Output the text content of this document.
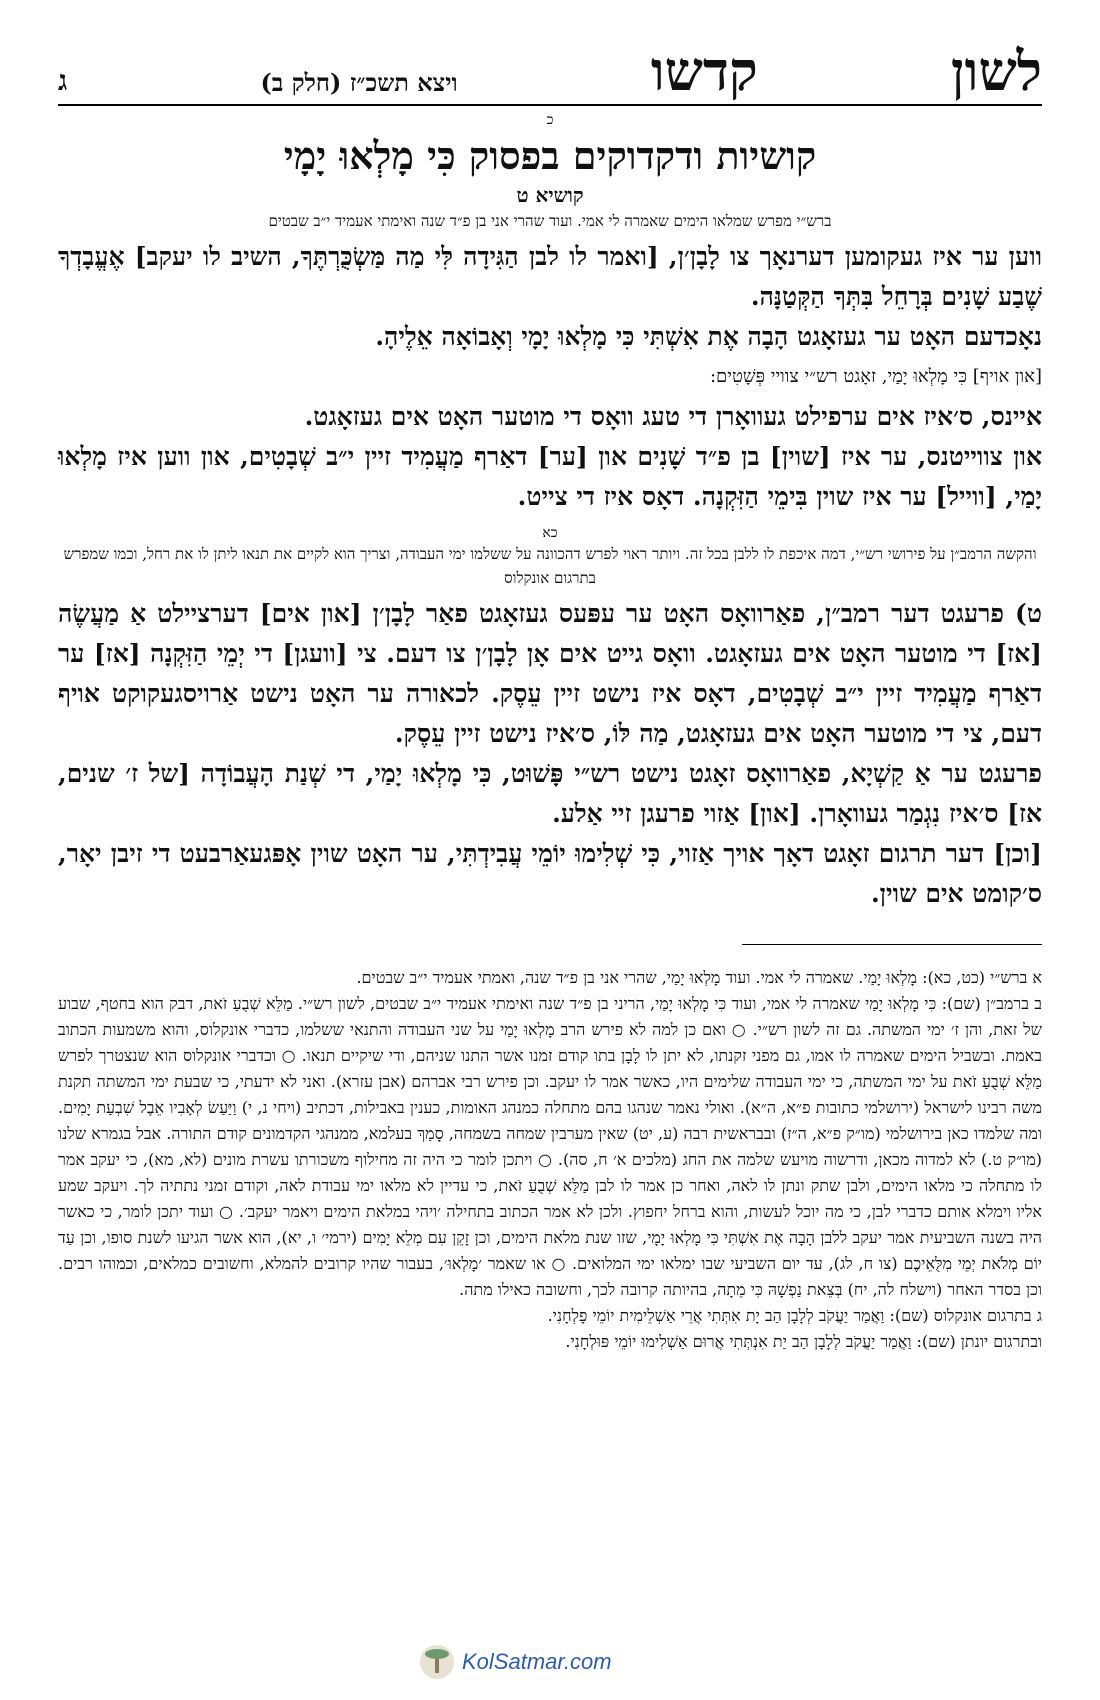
לשון
קדשו
ויצא תשכ״ז (חלק ב)
ג
כ
קושיות ודקדוקים בפסוק כִּי מָלְאוּ יָמָי
קושיא ט
ברש״י מפרש שמלאו הימים שאמרה לי אמי. ועוד שהרי אני בן פ״ד שנה ואימתי אעמיד י״ב שבטים

ווען ער איז געקומען דערנאָך צו לָבָן׳ן, [ואמר לו לבן הַגִּידָה לִּי מַה מַּשְׂכֻּרְתֶּךָ, השיב לו יעקב] אֶעֱבָדְךָ שֶׁבַע שָׁנִים בְּרָחֵל בִּתְּךָ הַקְּטַנָּה.

נאָכדעם האָט ער געזאָגט הָבָה אֶת אִשְׁתִּי כִּי מָלְאוּ יָמָי וְאָבוֹאָה אֵלֶיהָ.

[און אויף] כִּי מָלְאוּ יָמַי, זאָגט רש״י צוויי פְּשָׁטִים:

איינס, ס׳איז אים ערפילט געוואָרן די טעג וואָס די מוטער האָט אים געזאָגט.

און צווייטנס, ער איז [שוין] בן פ״ד שָׁנִים און [ער] דאַרף מַעֲמִיד זיין י״ב שְׁבָטִים, און ווען איז מָלְאוּ יָמַי, [ווייל] ער איז שוין בִּימֵי הַזִּקְנָה. דאָס איז די צייט.

כא
והקשה הרמב״ן על פירושי רש״י, דמה איכפת לו ללבן בכל זה. ויותר ראוי לפרש דהכוונה על ששלמו ימי העבודה, וצריך הוא לקיים את תנאו ליתן לו את רחל, וכמו שמפרש בתרגום אונקלוס

ט) פרעגט דער רמב״ן, פאַרוואָס האָט ער עפּעס געזאָגט פאַר לָבָן׳ן [און אים] דערציילט אַ מַעֲשֶׂה [אז] די מוטער האָט אים געזאָגט. וואָס גייט אים אָן לָבָן׳ן צו דעם. צי [וועגן] די יְמֵי הַזִּקְנָה [אז] ער דאַרף מַעֲמִיד זיין י״ב שְׁבָטִים, דאָס איז נישט זיין עֵסֶק. לכאורה ער האָט נישט אַרויסגעקוקט אויף דעם, צי די מוטער האָט אים געזאָגט, מַה לּוֹ, ס׳איז נישט זיין עֵסֶק.

פרעגט ער אַ קַשְׁיָא, פאַרוואָס זאָגט נישט רש״י פָּשׁוּט, כִּי מָלְאוּ יָמַי, די שְׁנַת הָעֲבוֹדָה [של ז׳ שנים, אז] ס׳איז נִגְמַר געוואָרן. [און] אַזוי פרעגן זיי אַלע.

[וכן] דער תרגום זאָגט דאָך אויך אַזוי, כִּי שְׁלִימוּ יוֹמֵי עֲבִידְתִּי, ער האָט שוין אָפּגעאַרבעט די זיבן יאָר, ס׳קומט אים שוין.

א ברש״י (כט, כא): מָלְאוּ יָמַי. שאמרה לי אמי. ועוד מָלְאוּ יָמַי, שהרי אני בן פ״ד שנה, ואמתי אעמיד י״ב שבטים.

ב ברמב״ן (שם): כִּי מָלְאוּ יָמַי שאמרה לי אמי, ועוד כִּי מָלְאוּ יָמַי, הריני בן פ״ד שנה ואימתי אעמיד י״ב שבטים, לשון רש״י. מַלֵּא שְׁבֻעַ זֹאת, דבק הוא בחטף, שבוע של זאת, והן ז׳ ימי המשתה. גם זה לשון רש״י. ○ ואם כן למה לא פירש הרב מָלְאוּ יָמַי על שני העבודה והתנאי ששלמו, כדברי אונקלוס, והוא משמעות הכתוב באמת. ובשביל הימים שאמרה לו אמו, גם מפני זקנתו, לא יתן לו לָבָן בתו קודם זמנו אשר התנו שניהם, ודי שיקיים תנאו. ○ וכדברי אונקלוס הוא שנצטרך לפרש מַלֵּא שְׁבֻעַ זֹאת על ימי המשתה, כי ימי העבודה שלימים היו, כאשר אמר לו יעקב. וכן פירש רבי אברהם (אבן עזרא). ואני לא ידעתי, כי שבעת ימי המשתה תקנת משה רבינו לישראל (ירושלמי כתובות פ״א, ה״א). ואולי נאמר שנהגו בהם מתחלה כמנהג האומות, כענין באבילות, דכתיב (ויחי נ, י) וַיַּעַשׂ לְאָבִיו אֵבֶל שִׁבְעַת יָמִים. ומה שלמדו כאן בירושלמי (מו״ק פ״א, ה״ז) ובבראשית רבה (ע, יט) שאין מערבין שמחה בשמחה, סָמַךְ בעלמא, ממנהגי הקדמונים קודם התורה. אבל בגמרא שלנו (מו״ק ט.) לא למדוה מכאן, ודרשוה מויעש שלמה את החג (מלכים א׳ ח, סה). ○ ויתכן לומר כי היה זה מחילוף משכורתו עשרת מונים (לא, מא), כי יעקב אמר לו מתחלה כי מלאו הימים, ולבן שתק ונתן לו לאה, ואחר כן אמר לו לבן מַלֵּא שְׁבֻעַ זֹאת, כי עדיין לא מלאו ימי עבודת לאה, וקודם זמני נתתיה לך. ויעקב שמע אליו וימלא אותם כדברי לבן, כי מה יוכל לעשות, והוא ברחל יחפוץ. ולכן לא אמר הכתוב בתחילה ׳ויהי במלאת הימים ויאמר יעקב׳. ○ ועוד יתכן לומר, כי כאשר היה בשנה השביעית אמר יעקב ללבן הָבָה אֶת אִשְׁתִּי כִּי מָלְאוּ יָמָי, שזו שנת מלאת הימים, וכן זָקֵן עִם מְלֵא יָמִים (ירמי׳ ו, יא), הוא אשר הגיעו לשנת סופו, וכן עַד יוֹם מְלֹאת יְמֵי מִלֻּאֵיכֶם (צו ח, לג), עד יום השביעי שבו ימלאו ימי המלואים. ○ או שאמר ׳מָלְאוּ׳, בעבור שהיו קרובים להמלא, וחשובים כמלאים, וכמוהו רבים. וכן בסדר האחר (וישלח לה, יח) בְּצֵאת נַפְשָׁהּ כִּי מֵתָה, בהיותה קרובה לכך, וחשובה כאילו מתה.

ג בתרגום אונקלוס (שם): וַאֲמַר יַעֲקֹב לְלָבָן הַב יָת אִתְּתִי אֲרֵי אַשְׁלֵימִית יוֹמֵי פָלְחָנִי.

ובתרגום יונתן (שם): וַאֲמַר יַעֲקֹב לְלָבָן הַב יַת אִנְתְּתִי אֲרוּם אַשְׁלִימוּ יוֹמֵי פּוּלְחָנִי.

KolSatmar.com
